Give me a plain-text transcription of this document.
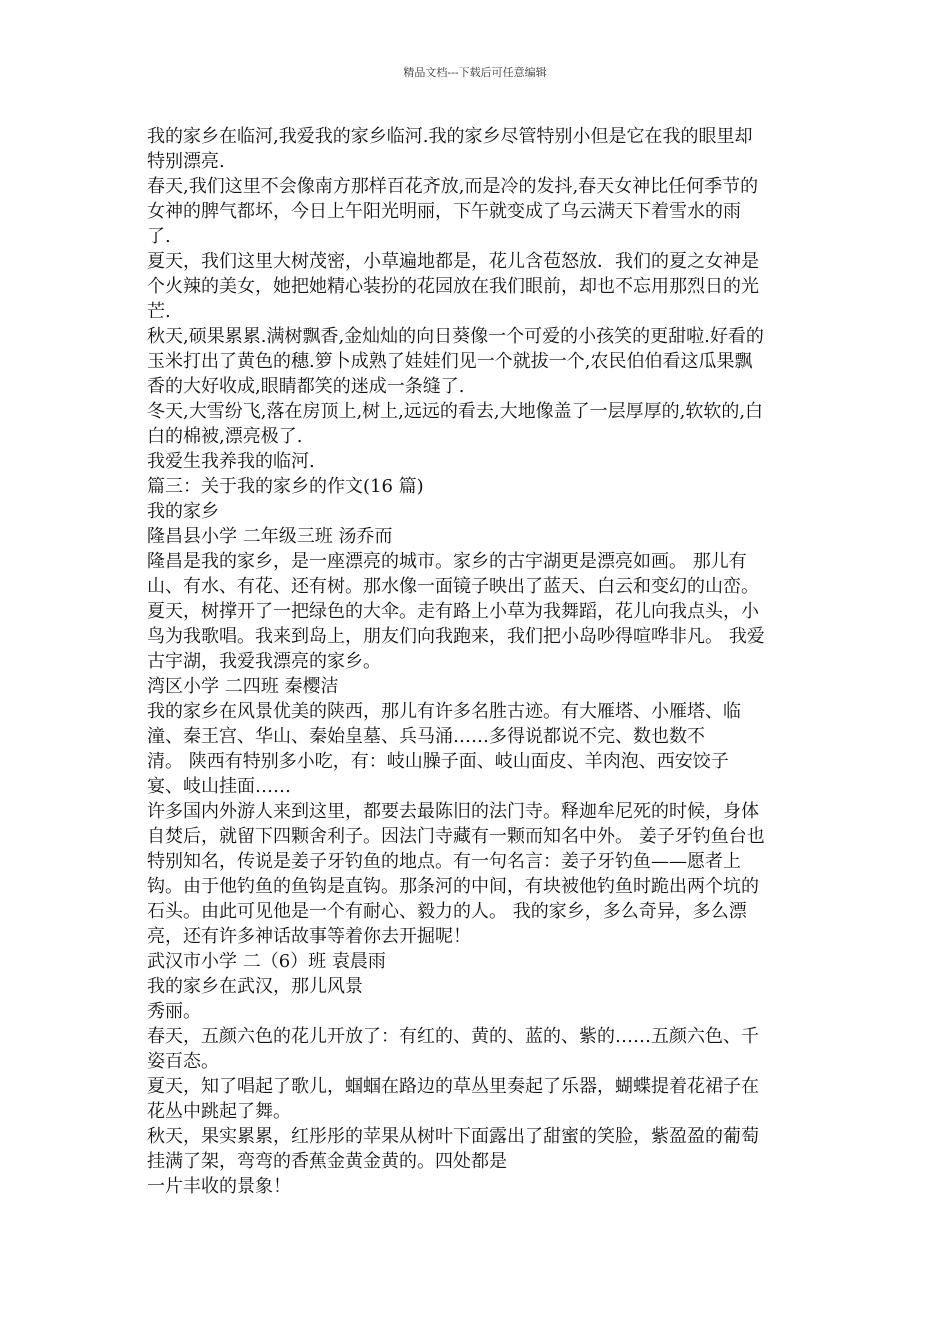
精品文档---下载后可任意编辑
我的家乡在临河,我爱我的家乡临河.我的家乡尽管特别小但是它在我的眼里却
特别漂亮.
春天,我们这里不会像南方那样百花齐放,而是冷的发抖,春天女神比任何季节的
女神的脾气都坏，今日上午阳光明丽，下午就变成了乌云满天下着雪水的雨
了.
夏天，我们这里大树茂密，小草遍地都是，花儿含苞怒放．我们的夏之女神是
个火辣的美女，她把她精心装扮的花园放在我们眼前，却也不忘用那烈日的光
芒.
秋天,硕果累累.满树飘香,金灿灿的向日葵像一个可爱的小孩笑的更甜啦.好看的
玉米打出了黄色的穗.箩卜成熟了娃娃们见一个就拔一个,农民伯伯看这瓜果飘
香的大好收成,眼睛都笑的迷成一条缝了.
冬天,大雪纷飞,落在房顶上,树上,远远的看去,大地像盖了一层厚厚的,软软的,白
白的棉被,漂亮极了.
我爱生我养我的临河.
篇三：关于我的家乡的作文(16 篇)
我的家乡
隆昌县小学 二年级三班 汤乔而
隆昌是我的家乡，是一座漂亮的城市。家乡的古宇湖更是漂亮如画。 那儿有
山、有水、有花、还有树。那水像一面镜子映出了蓝天、白云和变幻的山峦。
夏天，树撑开了一把绿色的大伞。走有路上小草为我舞蹈，花儿向我点头，小
鸟为我歌唱。我来到岛上，朋友们向我跑来，我们把小岛吵得喧哗非凡。 我爱
古宇湖，我爱我漂亮的家乡。
湾区小学 二四班 秦樱洁
我的家乡在风景优美的陕西，那儿有许多名胜古迹。有大雁塔、小雁塔、临
潼、秦王宫、华山、秦始皇墓、兵马涌……多得说都说不完、数也数不
清。 陕西有特别多小吃，有：岐山臊子面、岐山面皮、羊肉泡、西安饺子
宴、岐山挂面……
许多国内外游人来到这里，都要去最陈旧的法门寺。释迦牟尼死的时候，身体
自焚后，就留下四颗舍利子。因法门寺藏有一颗而知名中外。 姜子牙钓鱼台也
特别知名，传说是姜子牙钓鱼的地点。有一句名言：姜子牙钓鱼——愿者上
钩。由于他钓鱼的鱼钩是直钩。那条河的中间，有块被他钓鱼时跪出两个坑的
石头。由此可见他是一个有耐心、毅力的人。 我的家乡，多么奇异，多么漂
亮，还有许多神话故事等着你去开掘呢！
武汉市小学 二（6）班 袁晨雨
我的家乡在武汉，那儿风景
秀丽。
春天，五颜六色的花儿开放了：有红的、黄的、蓝的、紫的……五颜六色、千
姿百态。
夏天，知了唱起了歌儿，蝈蝈在路边的草丛里奏起了乐器，蝴蝶提着花裙子在
花丛中跳起了舞。
秋天，果实累累，红彤彤的苹果从树叶下面露出了甜蜜的笑脸，紫盈盈的葡萄
挂满了架，弯弯的香蕉金黄金黄的。四处都是
一片丰收的景象！
